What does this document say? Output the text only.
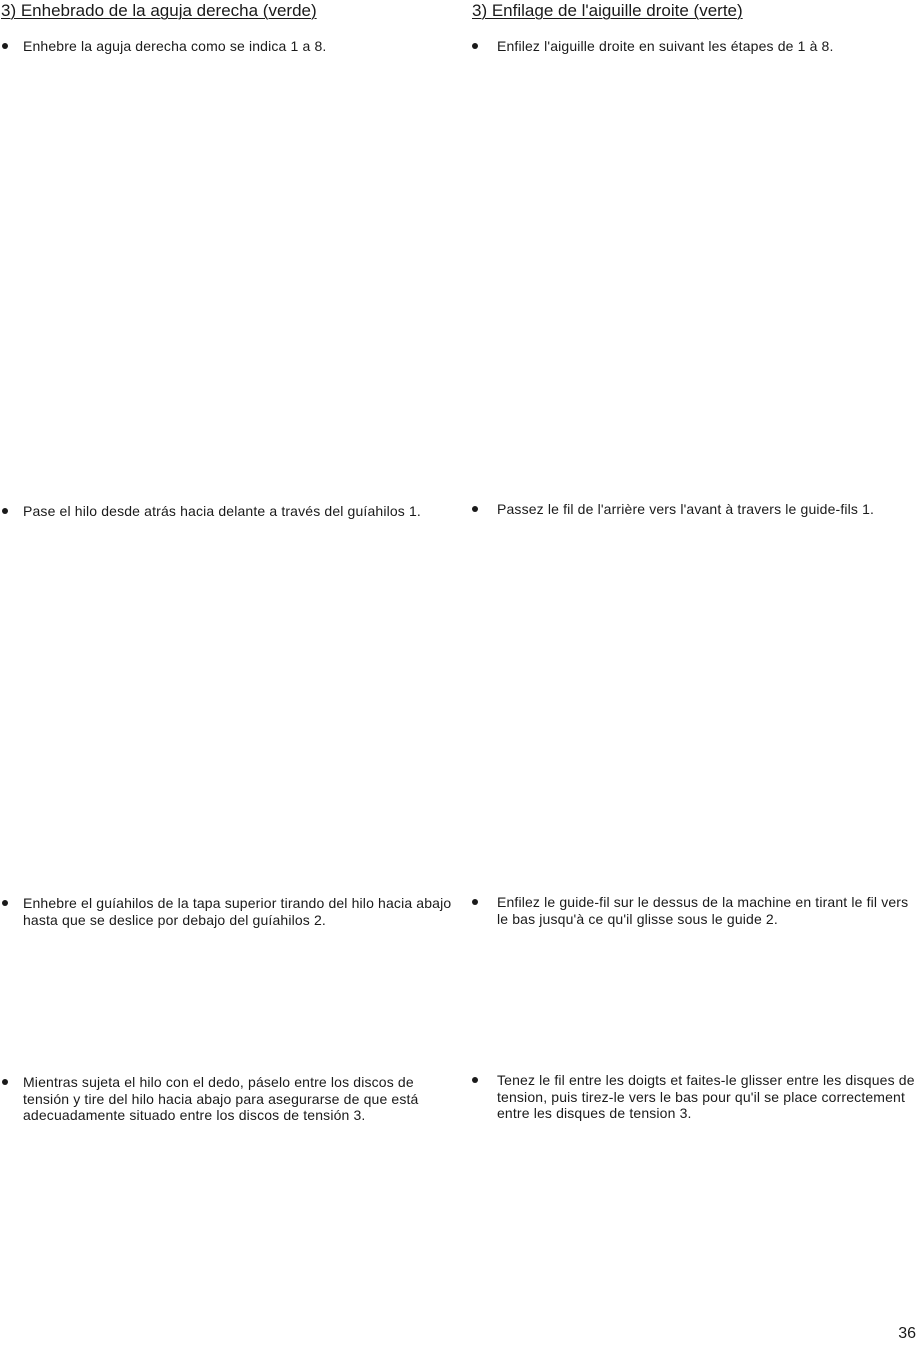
3) Enhebrado de la aguja derecha (verde)	3) Enfilage de l'aiguille droite (verte)
Enhebre la aguja derecha como se indica 1 a 8.
Pase el hilo desde atrás hacia delante a través del guíahilos 1.
Enhebre el guíahilos de la tapa superior tirando del hilo hacia abajo hasta que se deslice por debajo del guíahilos 2.
Mientras sujeta el hilo con el dedo, páselo entre los discos de tensión y tire del hilo hacia abajo para asegurarse de que está adecuadamente situado entre los discos de tensión 3.
Enfilez l'aiguille droite en suivant les étapes de 1 à 8.
Passez le fil de l'arrière vers l'avant à travers le guide-fils 1.
Enfilez le guide-fil sur le dessus de la machine en tirant le fil vers le bas jusqu'à ce qu'il glisse sous le guide 2.
Tenez le fil entre les doigts et faites-le glisser entre les disques de tension, puis tirez-le vers le bas pour qu'il se place correctement entre les disques de tension 3.
36
